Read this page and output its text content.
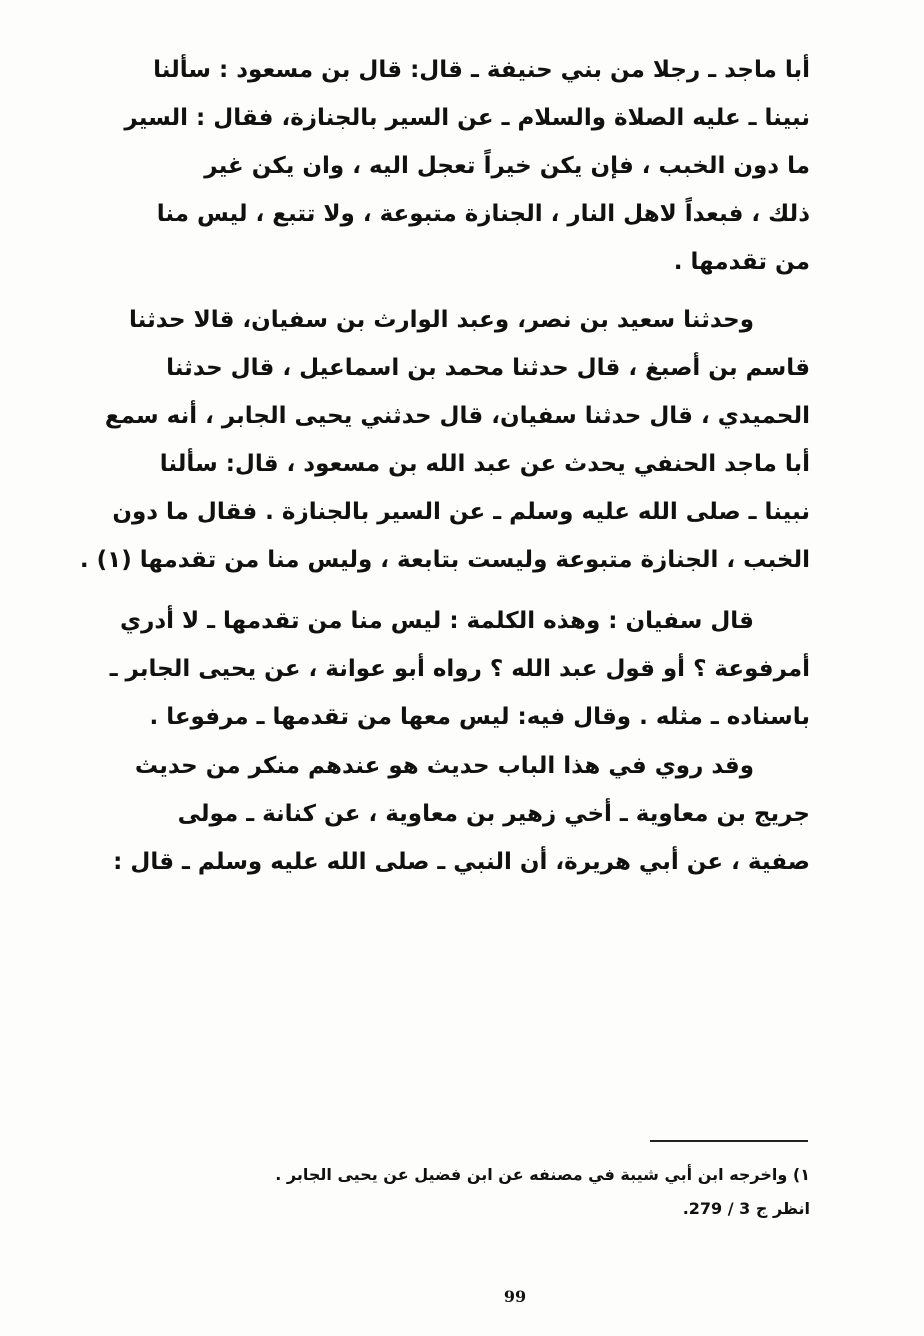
أبا ماجد ـ رجلا من بني حنيفة ـ قال: قال بن مسعود : سألنا
نبينا ـ عليه الصلاة والسلام ـ عن السير بالجنازة، فقال : السير
ما دون الخبب ، فإن يكن خيراً تعجل اليه ، وان يكن غير
ذلك ، فبعداً لاهل النار ، الجنازة متبوعة ، ولا تتبع ، ليس منا
من تقدمها .
وحدثنا سعيد بن نصر، وعبد الوارث بن سفيان، قالا حدثنا
قاسم بن أصبغ ، قال حدثنا محمد بن اسماعيل ، قال حدثنا
الحميدي ، قال حدثنا سفيان، قال حدثني يحيى الجابر ، أنه سمع
أبا ماجد الحنفي يحدث عن عبد الله بن مسعود ، قال: سألنا
نبينا ـ صلى الله عليه وسلم ـ عن السير بالجنازة . فقال ما دون
الخبب ، الجنازة متبوعة وليست بتابعة ، وليس منا من تقدمها (١) .
قال سفيان : وهذه الكلمة : ليس منا من تقدمها ـ لا أدري
أمرفوعة ؟ أو قول عبد الله ؟ رواه أبو عوانة ، عن يحيى الجابر ـ
باسناده ـ مثله . وقال فيه: ليس معها من تقدمها ـ مرفوعا .
وقد روي في هذا الباب حديث هو عندهم منكر من حديث
جريج بن معاوية ـ أخي زهير بن معاوية ، عن كنانة ـ مولى
صفية ، عن أبي هريرة، أن النبي ـ صلى الله عليه وسلم ـ قال :
١) واخرجه ابن أبي شيبة في مصنفه عن ابن فضيل عن يحيى الجابر .
انظر ج 3 / 279.
99
